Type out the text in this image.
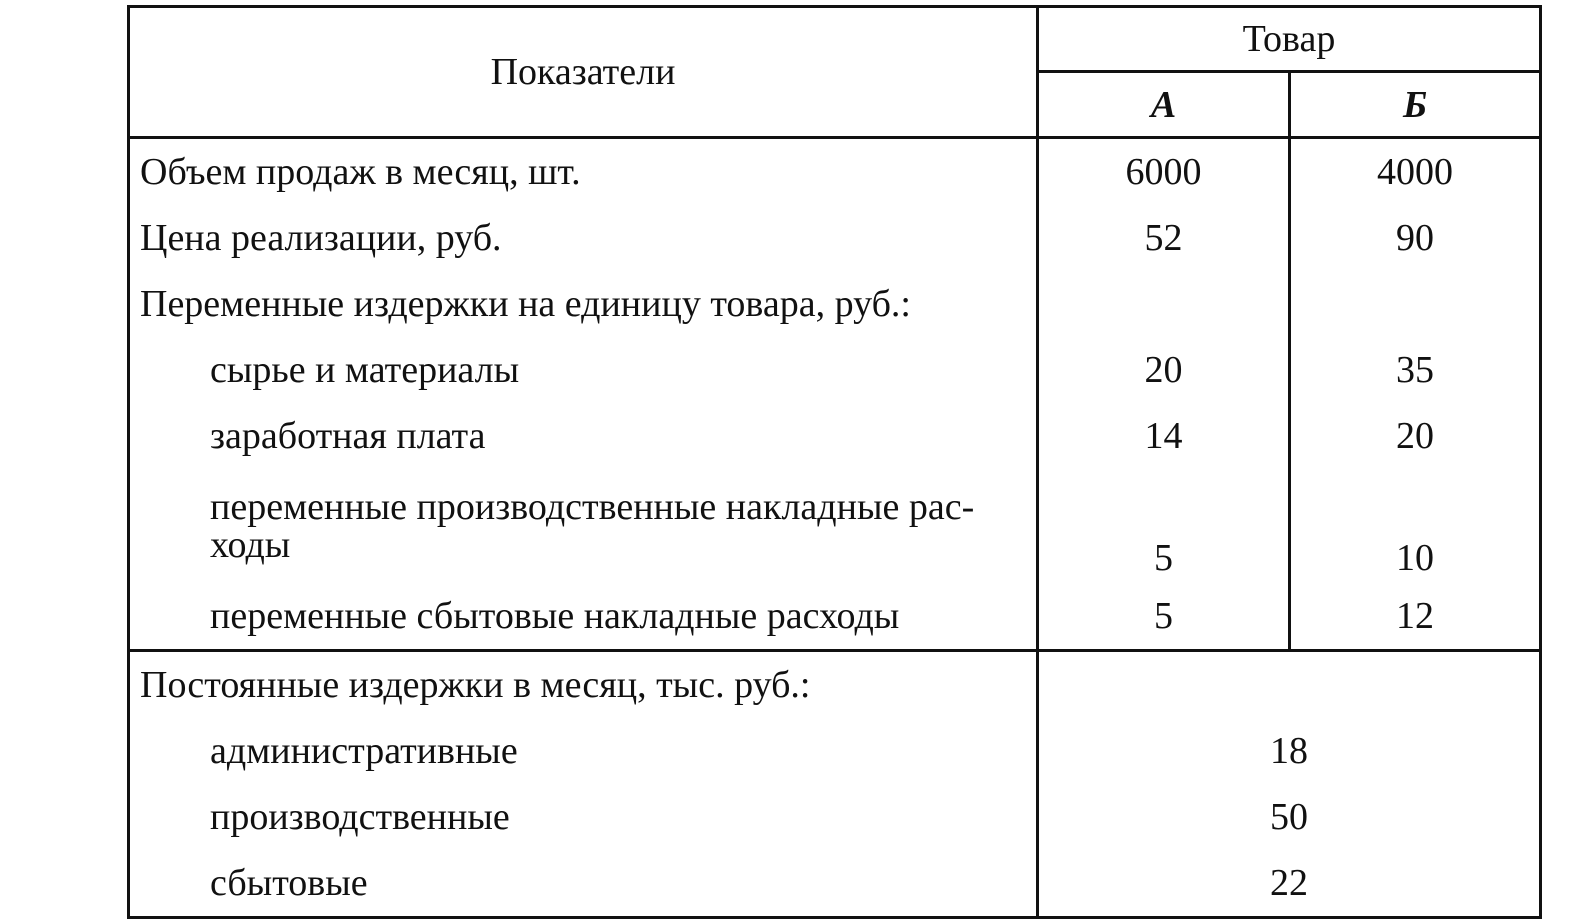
Показатели	Товар	
	А	Б
Объем продаж в месяц, шт.	6000	4000
Цена реализации, руб.	52	90
Переменные издержки на единицу товара, руб.:		
сырье и материалы	20	35
заработная плата	14	20
переменные производственные накладные рас-ходы	5	10
переменные сбытовые накладные расходы	5	12
Постоянные издержки в месяц, тыс. руб.:		
административные	18	
производственные	50	
сбытовые	22	
